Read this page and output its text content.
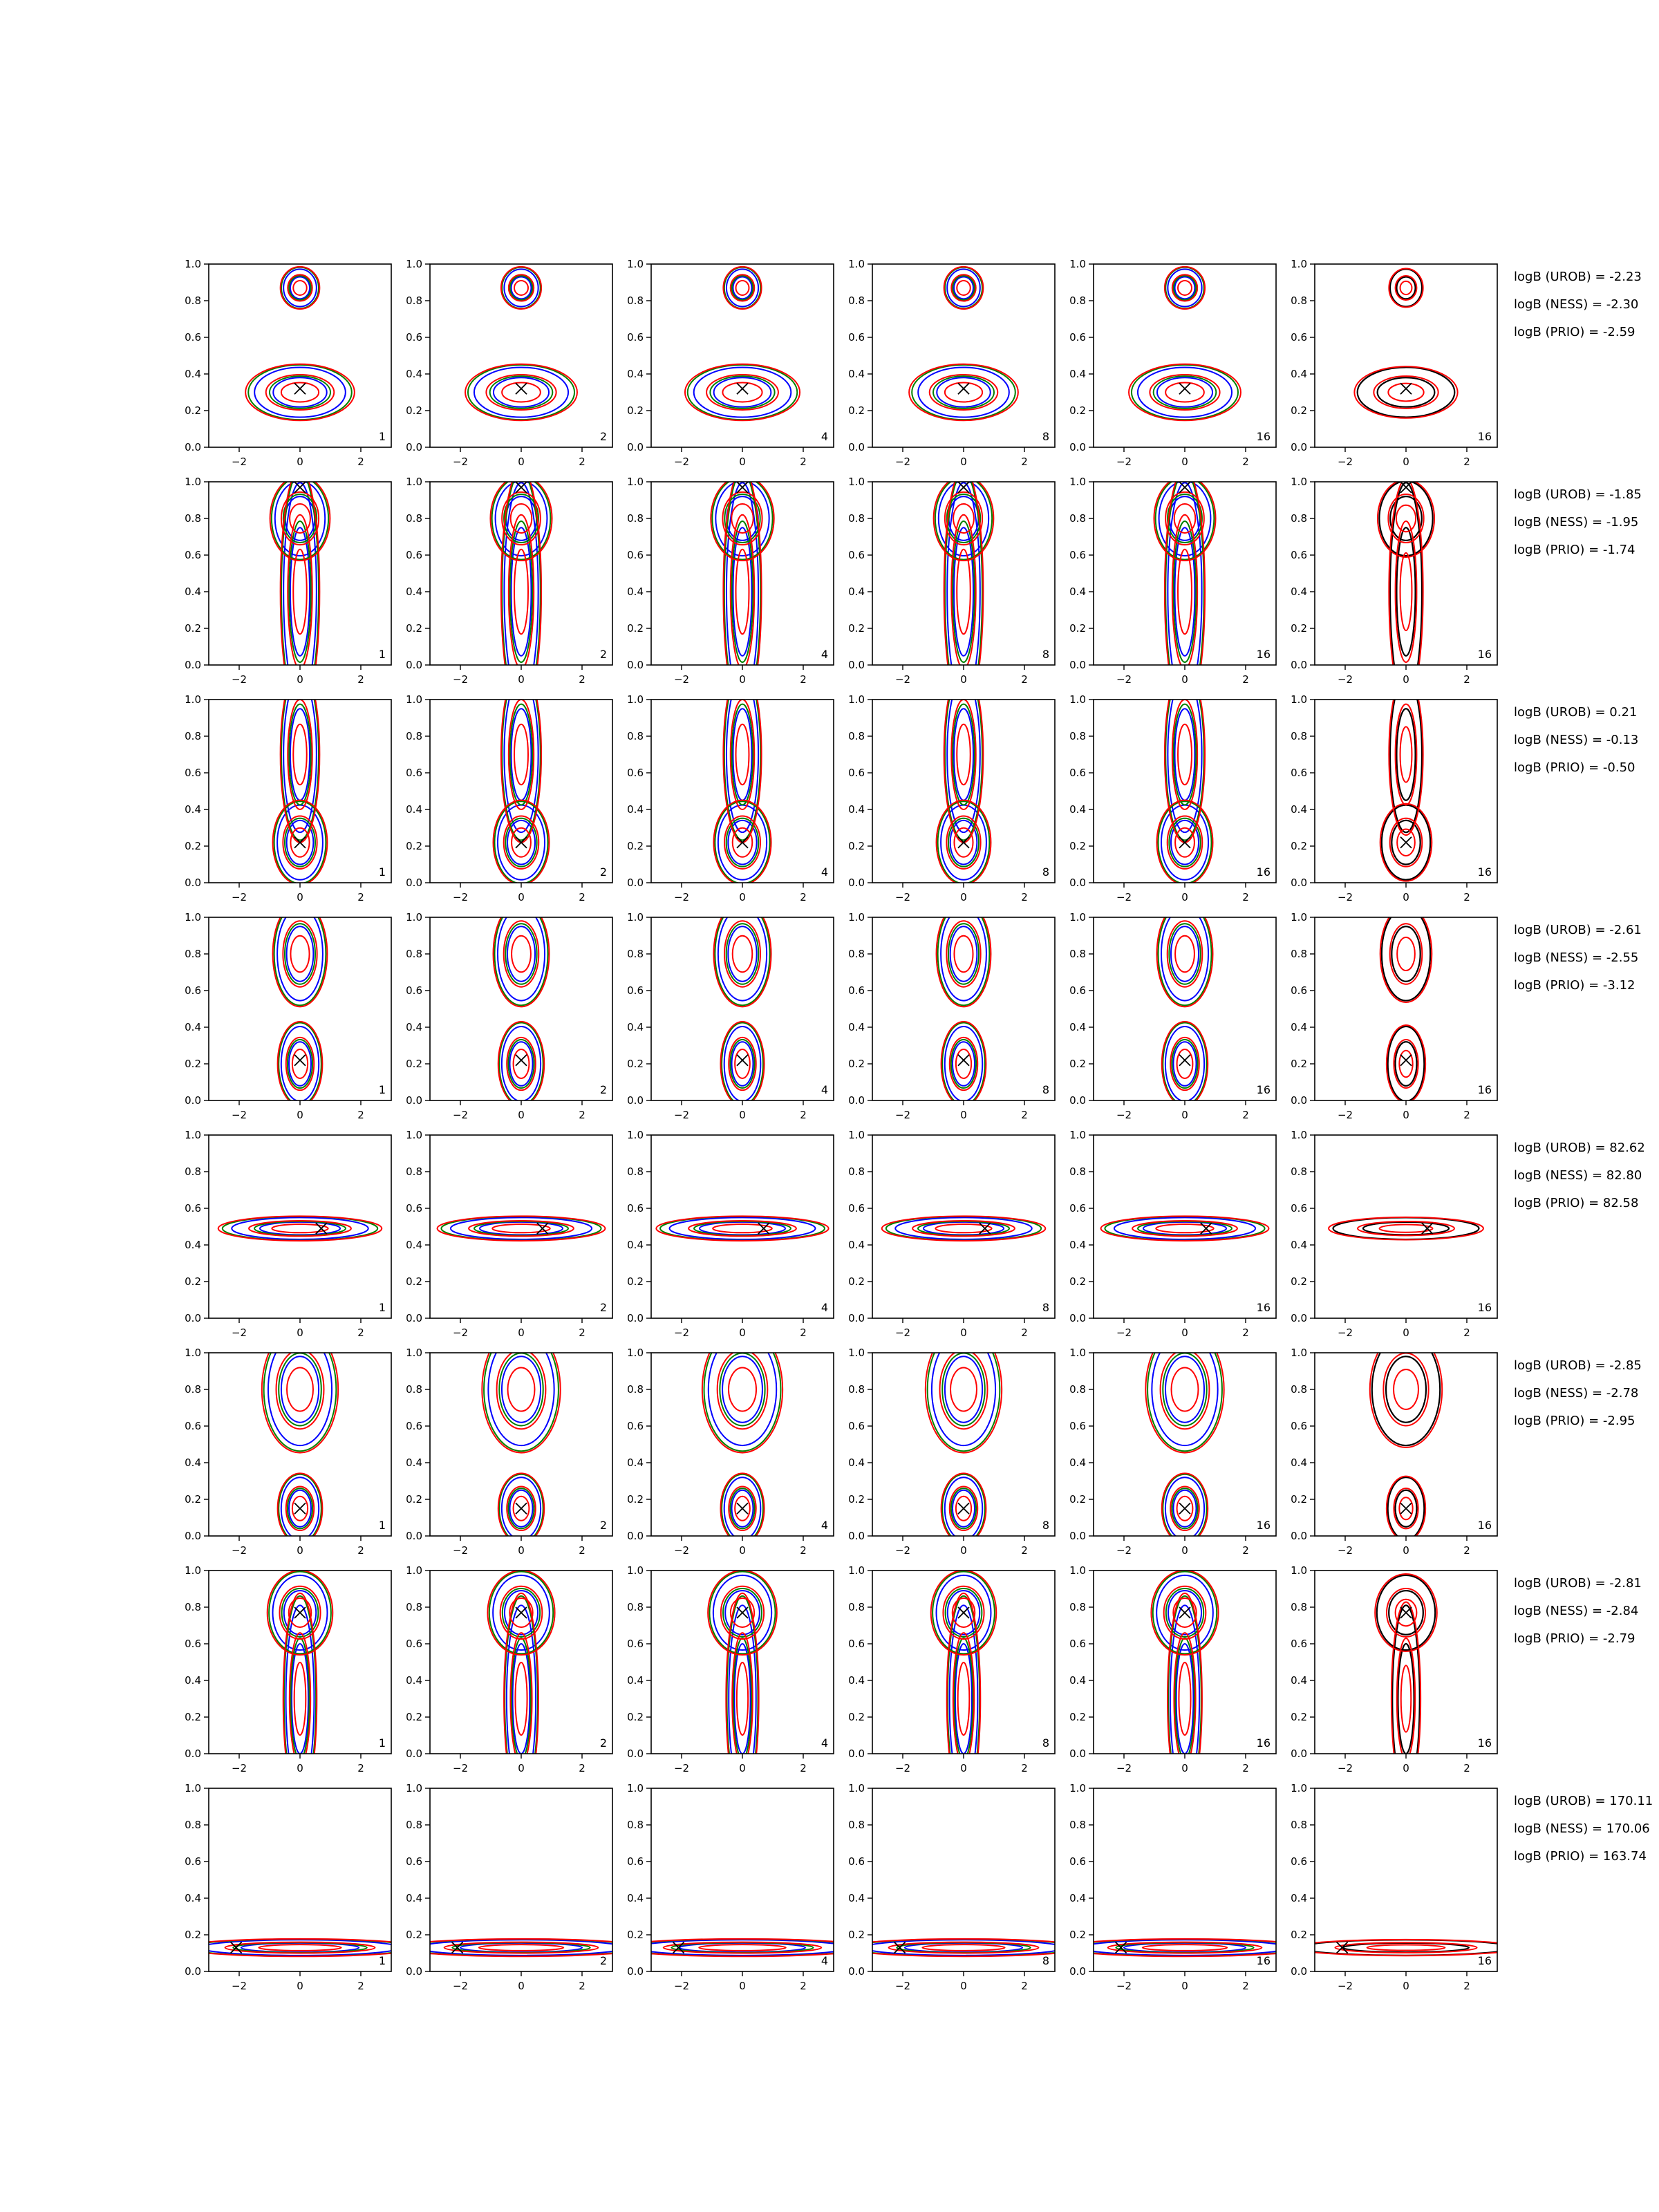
−2	0	2
0.0
0.2
0.4
0.6
0.8
1.0
1
−2	0	2
0.0
0.2
0.4
0.6
0.8
1.0
2
−2	0	2
0.0
0.2
0.4
0.6
0.8
1.0
4
−2	0	2
0.0
0.2
0.4
0.6
0.8
1.0
8
−2	0	2
0.0
0.2
0.4
0.6
0.8
1.0
16
−2	0	2
0.0
0.2
0.4
0.6
0.8
1.0
16
logB (UROB) = -2.23
logB (NESS) = -2.30
logB (PRIO) = -2.59
−2	0	2
0.0
0.2
0.4
0.6
0.8
1.0
1
−2	0	2
0.0
0.2
0.4
0.6
0.8
1.0
2
−2	0	2
0.0
0.2
0.4
0.6
0.8
1.0
4
−2	0	2
0.0
0.2
0.4
0.6
0.8
1.0
8
−2	0	2
0.0
0.2
0.4
0.6
0.8
1.0
16
−2	0	2
0.0
0.2
0.4
0.6
0.8
1.0
16
logB (UROB) = -1.85
logB (NESS) = -1.95
logB (PRIO) = -1.74
−2	0	2
0.0
0.2
0.4
0.6
0.8
1.0
1
−2	0	2
0.0
0.2
0.4
0.6
0.8
1.0
2
−2	0	2
0.0
0.2
0.4
0.6
0.8
1.0
4
−2	0	2
0.0
0.2
0.4
0.6
0.8
1.0
8
−2	0	2
0.0
0.2
0.4
0.6
0.8
1.0
16
−2	0	2
0.0
0.2
0.4
0.6
0.8
1.0
16
logB (UROB) = 0.21
logB (NESS) = -0.13
logB (PRIO) = -0.50
−2	0	2
0.0
0.2
0.4
0.6
0.8
1.0
1
−2	0	2
0.0
0.2
0.4
0.6
0.8
1.0
2
−2	0	2
0.0
0.2
0.4
0.6
0.8
1.0
4
−2	0	2
0.0
0.2
0.4
0.6
0.8
1.0
8
−2	0	2
0.0
0.2
0.4
0.6
0.8
1.0
16
−2	0	2
0.0
0.2
0.4
0.6
0.8
1.0
16
logB (UROB) = -2.61
logB (NESS) = -2.55
logB (PRIO) = -3.12
−2	0	2
0.0
0.2
0.4
0.6
0.8
1.0
1
−2	0	2
0.0
0.2
0.4
0.6
0.8
1.0
2
−2	0	2
0.0
0.2
0.4
0.6
0.8
1.0
4
−2	0	2
0.0
0.2
0.4
0.6
0.8
1.0
8
−2	0	2
0.0
0.2
0.4
0.6
0.8
1.0
16
−2	0	2
0.0
0.2
0.4
0.6
0.8
1.0
16
logB (UROB) = 82.62
logB (NESS) = 82.80
logB (PRIO) = 82.58
−2	0	2
0.0
0.2
0.4
0.6
0.8
1.0
1
−2	0	2
0.0
0.2
0.4
0.6
0.8
1.0
2
−2	0	2
0.0
0.2
0.4
0.6
0.8
1.0
4
−2	0	2
0.0
0.2
0.4
0.6
0.8
1.0
8
−2	0	2
0.0
0.2
0.4
0.6
0.8
1.0
16
−2	0	2
0.0
0.2
0.4
0.6
0.8
1.0
16
logB (UROB) = -2.85
logB (NESS) = -2.78
logB (PRIO) = -2.95
−2	0	2
0.0
0.2
0.4
0.6
0.8
1.0
1
−2	0	2
0.0
0.2
0.4
0.6
0.8
1.0
2
−2	0	2
0.0
0.2
0.4
0.6
0.8
1.0
4
−2	0	2
0.0
0.2
0.4
0.6
0.8
1.0
8
−2	0	2
0.0
0.2
0.4
0.6
0.8
1.0
16
−2	0	2
0.0
0.2
0.4
0.6
0.8
1.0
16
logB (UROB) = -2.81
logB (NESS) = -2.84
logB (PRIO) = -2.79
−2	0	2
0.0
0.2
0.4
0.6
0.8
1.0
1
−2	0	2
0.0
0.2
0.4
0.6
0.8
1.0
2
−2	0	2
0.0
0.2
0.4
0.6
0.8
1.0
4
−2	0	2
0.0
0.2
0.4
0.6
0.8
1.0
8
−2	0	2
0.0
0.2
0.4
0.6
0.8
1.0
16
−2	0	2
0.0
0.2
0.4
0.6
0.8
1.0
16
logB (UROB) = 170.11
logB (NESS) = 170.06
logB (PRIO) = 163.74
